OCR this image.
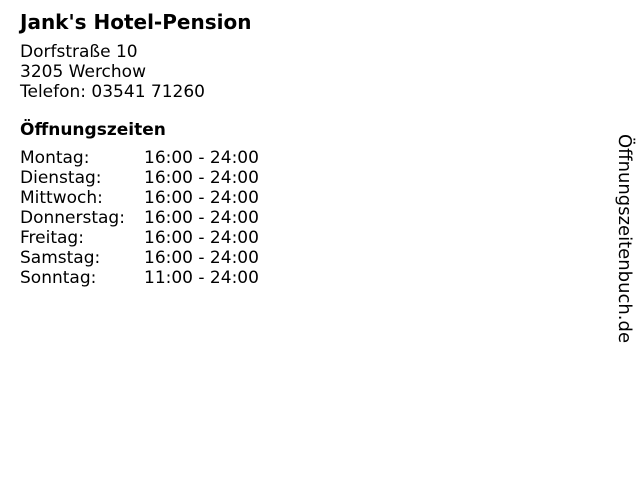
Jank's Hotel-Pension
Dorfstraße 10
3205 Werchow
Telefon: 03541 71260
Öffnungszeiten
Montag:	16:00 - 24:00
Dienstag:	16:00 - 24:00
Mittwoch:	16:00 - 24:00
Donnerstag:	16:00 - 24:00
Freitag:	16:00 - 24:00
Samstag:	16:00 - 24:00
Sonntag:	11:00 - 24:00	Öffnungszeitenbuch.de
